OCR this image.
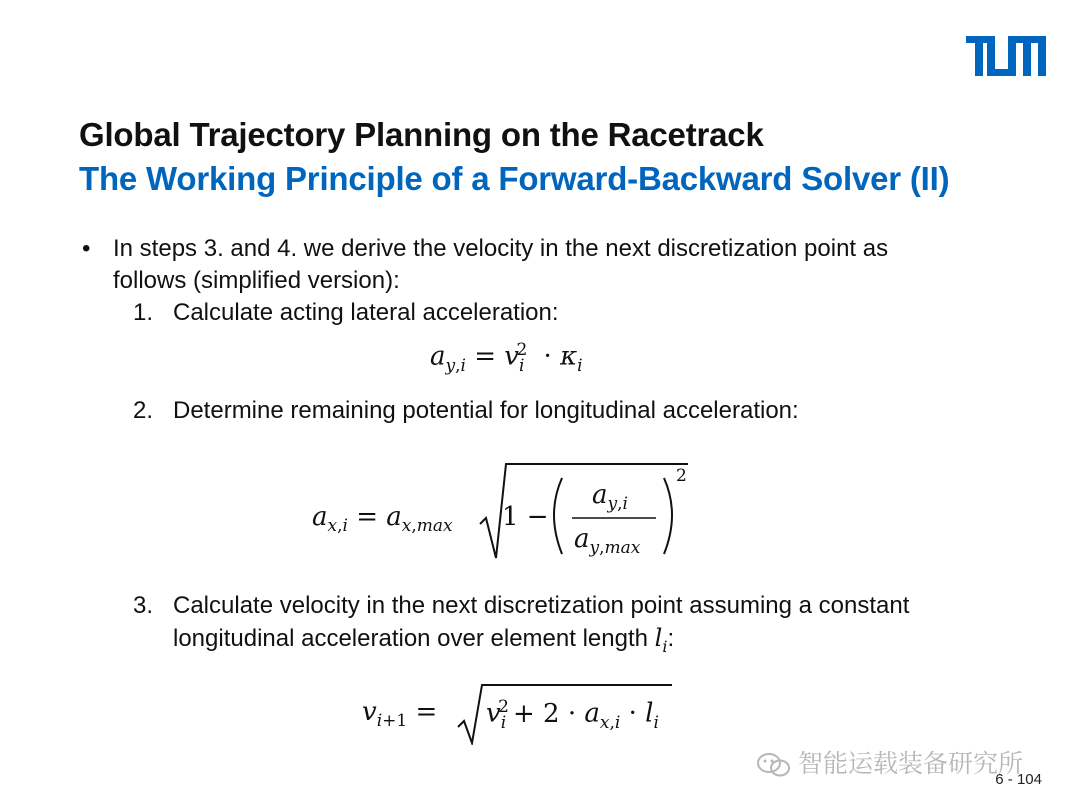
Global Trajectory Planning on the Racetrack
The Working Principle of a Forward-Backward Solver (II)
• In steps 3. and 4. we derive the velocity in the next discretization point as
follows (simplified version):
1. Calculate acting lateral acceleration:
$a_{y,i} = v_i^2 \cdot \kappa_i$
2. Determine remaining potential for longitudinal acceleration:
$a_{x,i} = a_{x,max}$ 1 −
$a_{y,i}$
$a_{y,max}$
2
3. Calculate velocity in the next discretization point assuming a constant
longitudinal acceleration over element length $l_i$:
$v_{i+1} = v_i^2 + 2 \cdot a_{x,i} \cdot l_i$
智能运载装备研究所
6 - 104
